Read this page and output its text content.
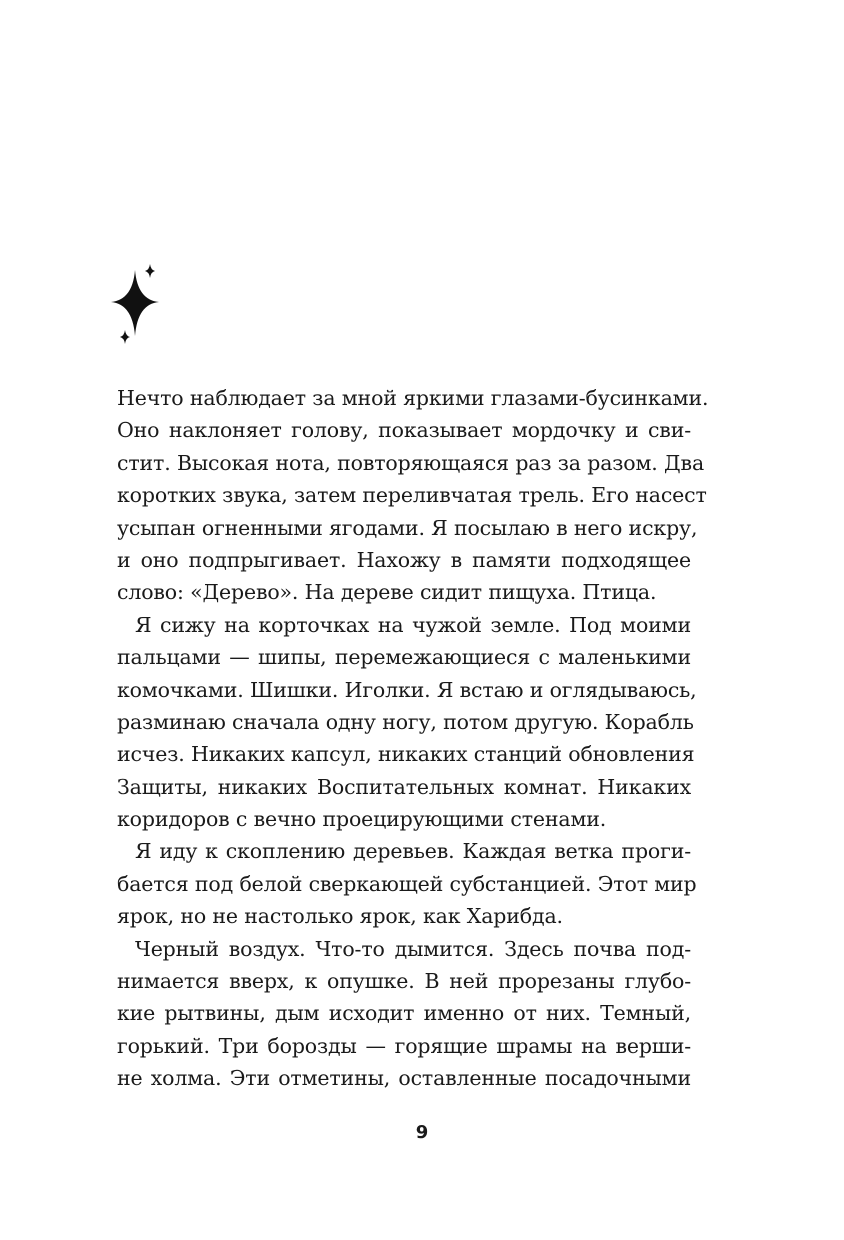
Нечто наблюдает за мной яркими глазами-бусинками.
Оно наклоняет голову, показывает мордочку и сви-
стит. Высокая нота, повторяющаяся раз за разом. Два
коротких звука, затем переливчатая трель. Его насест
усыпан огненными ягодами. Я посылаю в него искру,
и оно подпрыгивает. Нахожу в памяти подходящее
слово: «Дерево». На дереве сидит пищуха. Птица.
Я сижу на корточках на чужой земле. Под моими
пальцами — шипы, перемежающиеся с маленькими
комочками. Шишки. Иголки. Я встаю и оглядываюсь,
разминаю сначала одну ногу, потом другую. Корабль
исчез. Никаких капсул, никаких станций обновления
Защиты, никаких Воспитательных комнат. Никаких
коридоров с вечно проецирующими стенами.
Я иду к скоплению деревьев. Каждая ветка проги-
бается под белой сверкающей субстанцией. Этот мир
ярок, но не настолько ярок, как Харибда.
Черный воздух. Что-то дымится. Здесь почва под-
нимается вверх, к опушке. В ней прорезаны глубо-
кие рытвины, дым исходит именно от них. Темный,
горький. Три борозды — горящие шрамы на верши-
не холма. Эти отметины, оставленные посадочными
9
